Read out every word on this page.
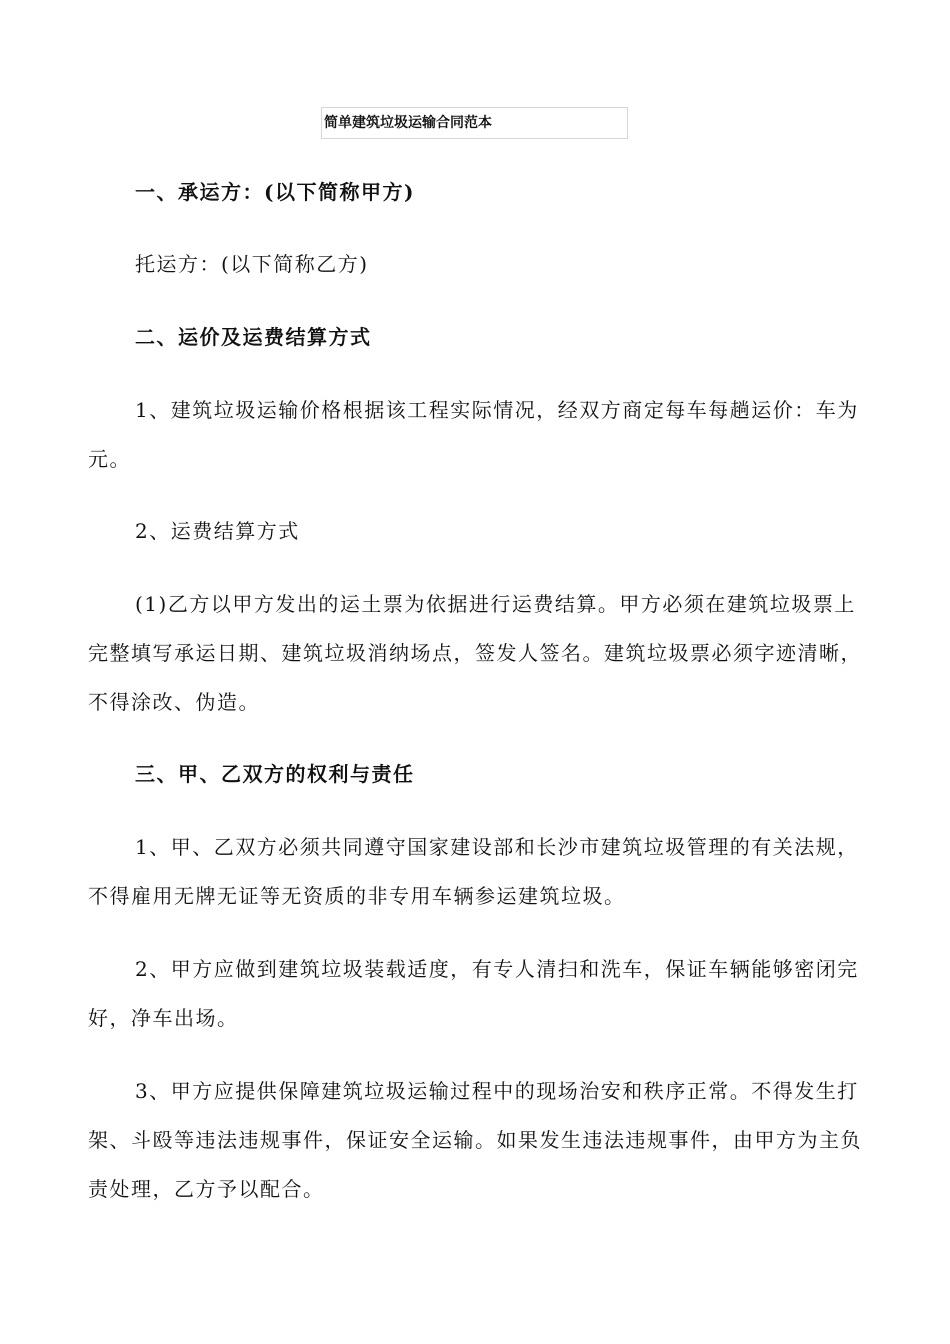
简单建筑垃圾运输合同范本

一、承运方：(以下简称甲方)

托运方：(以下简称乙方)

二、运价及运费结算方式

1、建筑垃圾运输价格根据该工程实际情况，经双方商定每车每趟运价：车为元。

2、运费结算方式

(1)乙方以甲方发出的运土票为依据进行运费结算。甲方必须在建筑垃圾票上完整填写承运日期、建筑垃圾消纳场点，签发人签名。建筑垃圾票必须字迹清晰，不得涂改、伪造。

三、甲、乙双方的权利与责任

1、甲、乙双方必须共同遵守国家建设部和长沙市建筑垃圾管理的有关法规，不得雇用无牌无证等无资质的非专用车辆参运建筑垃圾。

2、甲方应做到建筑垃圾装载适度，有专人清扫和洗车，保证车辆能够密闭完好，净车出场。

3、甲方应提供保障建筑垃圾运输过程中的现场治安和秩序正常。不得发生打架、斗殴等违法违规事件，保证安全运输。如果发生违法违规事件，由甲方为主负责处理，乙方予以配合。
